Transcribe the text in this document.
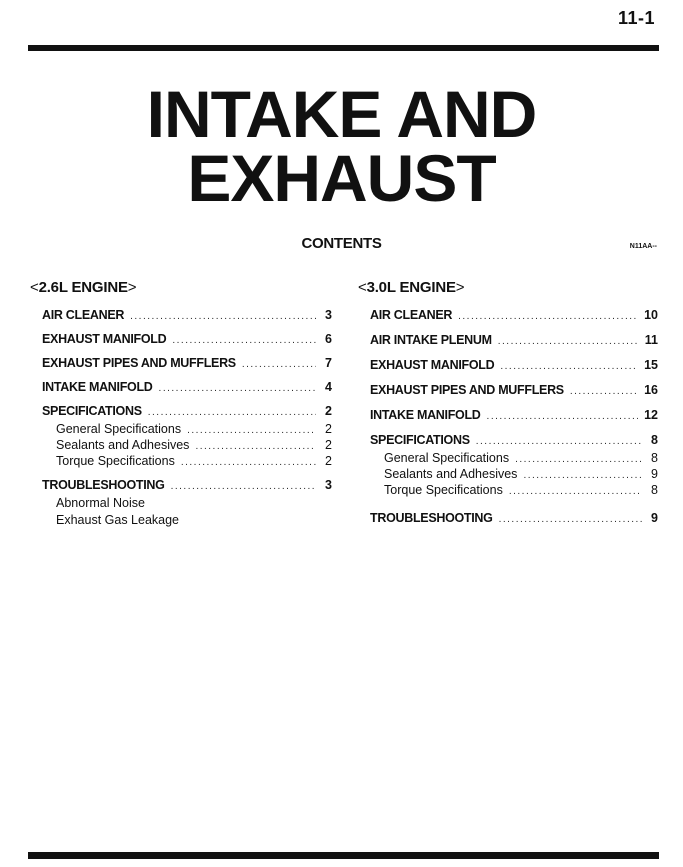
11-1
INTAKE AND
EXHAUST
CONTENTS	N11AA--
<2.6L ENGINE>
AIR CLEANER .....	3
EXHAUST MANIFOLD .....	6
EXHAUST PIPES AND MUFFLERS .....	7
INTAKE MANIFOLD .....	4
SPECIFICATIONS .....	2
General Specifications .....	2
Sealants and Adhesives .....	2
Torque Specifications .....	2
TROUBLESHOOTING .....	3
Abnormal Noise
Exhaust Gas Leakage
<3.0L ENGINE>
AIR CLEANER .....	10
AIR INTAKE PLENUM .....	11
EXHAUST MANIFOLD .....	15
EXHAUST PIPES AND MUFFLERS .....	16
INTAKE MANIFOLD .....	12
SPECIFICATIONS .....	8
General Specifications .....	8
Sealants and Adhesives .....	9
Torque Specifications .....	8
TROUBLESHOOTING .....	9
